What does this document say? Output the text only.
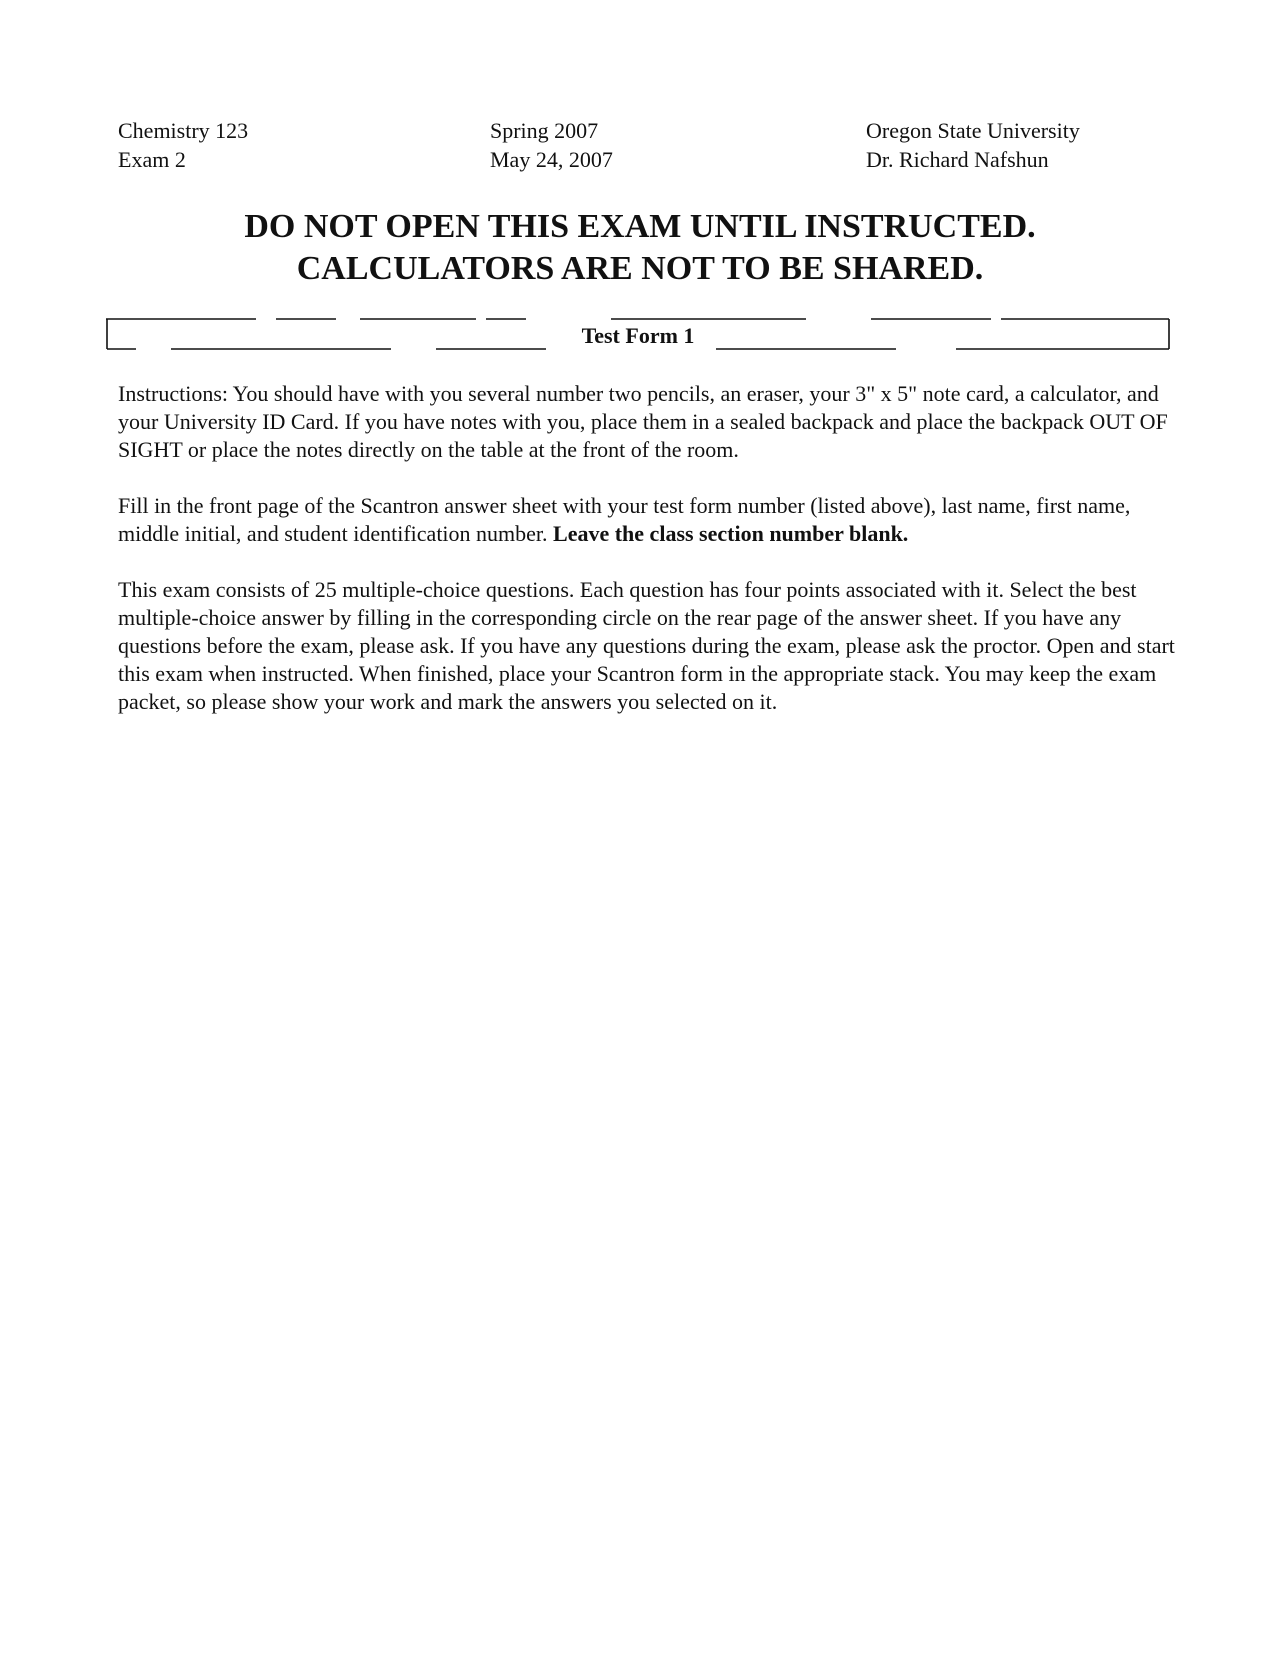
Chemistry 123
Exam 2
Spring 2007
May 24, 2007
Oregon State University
Dr. Richard Nafshun
DO NOT OPEN THIS EXAM UNTIL INSTRUCTED.
CALCULATORS ARE NOT TO BE SHARED.
Test Form 1

Instructions: You should have with you several number two pencils, an eraser, your 3" x 5" note card, a calculator, and your University ID Card. If you have notes with you, place them in a sealed backpack and place the backpack OUT OF SIGHT or place the notes directly on the table at the front of the room.

Fill in the front page of the Scantron answer sheet with your test form number (listed above), last name, first name, middle initial, and student identification number. Leave the class section number blank.

This exam consists of 25 multiple-choice questions. Each question has four points associated with it. Select the best multiple-choice answer by filling in the corresponding circle on the rear page of the answer sheet. If you have any questions before the exam, please ask. If you have any questions during the exam, please ask the proctor. Open and start this exam when instructed. When finished, place your Scantron form in the appropriate stack. You may keep the exam packet, so please show your work and mark the answers you selected on it.
